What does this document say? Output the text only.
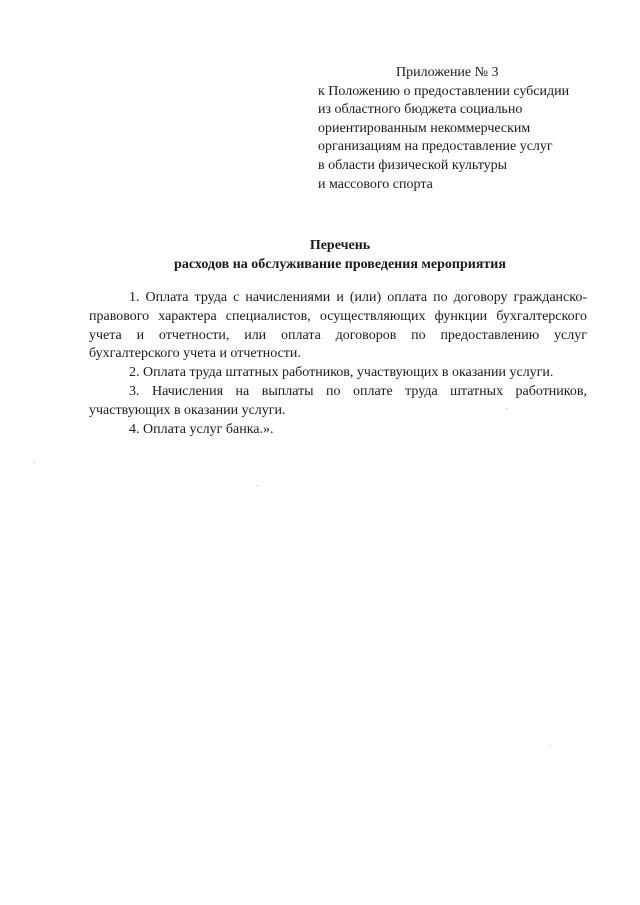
Приложение № 3
к Положению о предоставлении субсидии
из областного бюджета социально
ориентированным некоммерческим
организациям на предоставление услуг
в области физической культуры
и массового спорта
Перечень
расходов на обслуживание проведения мероприятия

1. Оплата труда с начислениями и (или) оплата по договору гражданско-правового характера специалистов, осуществляющих функции бухгалтерского учета и отчетности, или оплата договоров по предоставлению услуг бухгалтерского учета и отчетности.

2. Оплата труда штатных работников, участвующих в оказании услуги.

3. Начисления на выплаты по оплате труда штатных работников, участвующих в оказании услуги.

4. Оплата услуг банка.».
